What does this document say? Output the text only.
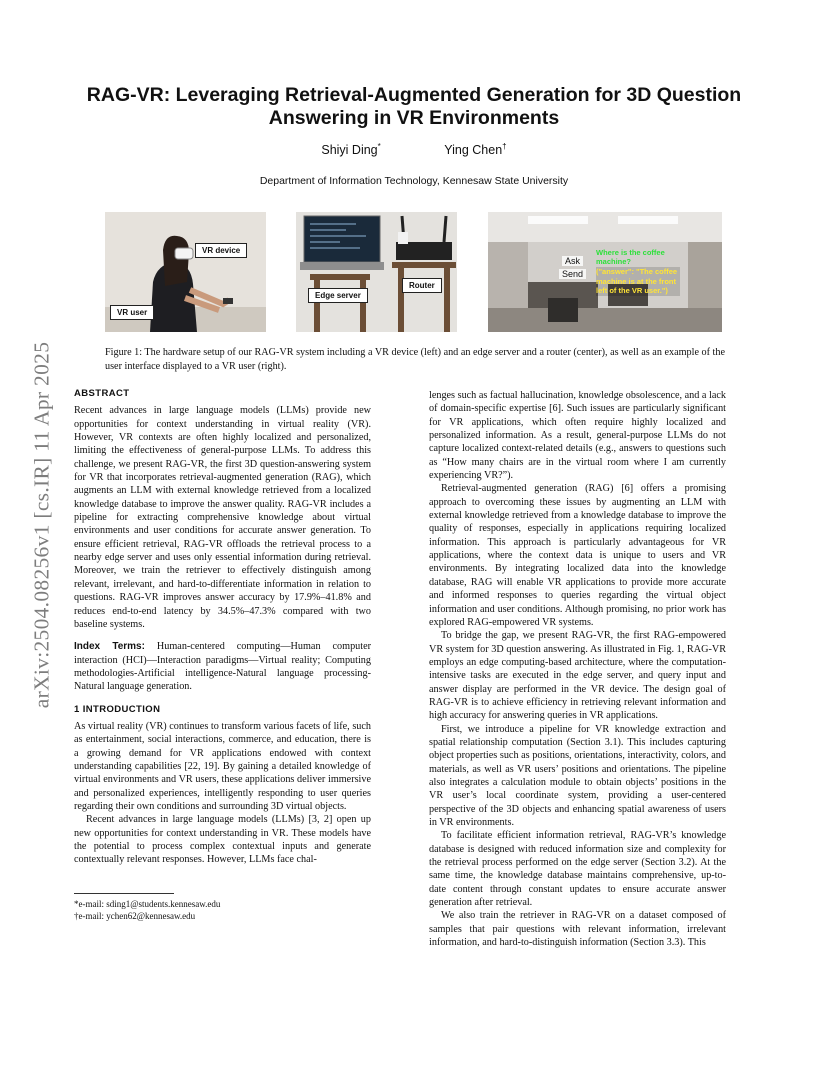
arXiv:2504.08256v1 [cs.IR] 11 Apr 2025
RAG-VR: Leveraging Retrieval-Augmented Generation for 3D Question Answering in VR Environments
Shiyi Ding*	Ying Chen†
Department of Information Technology, Kennesaw State University
VR device
VR user
Edge server
Router
Ask
Send
Where is the coffee machine?
("answer": "The coffee machine is at the front left of the VR user.")
Figure 1: The hardware setup of our RAG-VR system including a VR device (left) and an edge server and a router (center), as well as an example of the user interface displayed to a VR user (right).

ABSTRACT

Recent advances in large language models (LLMs) provide new opportunities for context understanding in virtual reality (VR). However, VR contexts are often highly localized and personalized, limiting the effectiveness of general-purpose LLMs. To address this challenge, we present RAG-VR, the first 3D question-answering system for VR that incorporates retrieval-augmented generation (RAG), which augments an LLM with external knowledge retrieved from a localized knowledge database to improve the answer quality. RAG-VR includes a pipeline for extracting comprehensive knowledge about virtual environments and user conditions for accurate answer generation. To ensure efficient retrieval, RAG-VR offloads the retrieval process to a nearby edge server and uses only essential information during retrieval. Moreover, we train the retriever to effectively distinguish among relevant, irrelevant, and hard-to-differentiate information in relation to questions. RAG-VR improves answer accuracy by 17.9%–41.8% and reduces end-to-end latency by 34.5%–47.3% compared with two baseline systems.

Index Terms: Human-centered computing—Human computer interaction (HCI)—Interaction paradigms—Virtual reality; Computing methodologies-Artificial intelligence-Natural language processing-Natural language generation.

1 INTRODUCTION

As virtual reality (VR) continues to transform various facets of life, such as entertainment, social interactions, commerce, and education, there is a growing demand for VR applications endowed with context understanding capabilities [22, 19]. By gaining a detailed knowledge of virtual environments and VR users, these applications deliver immersive and personalized experiences, intelligently responding to user queries regarding their own conditions and surrounding 3D virtual objects.

Recent advances in large language models (LLMs) [3, 2] open up new opportunities for context understanding in VR. These models have the potential to process complex contextual inputs and generate contextually relevant responses. However, LLMs face chal-

*e-mail: sding1@students.kennesaw.edu
†e-mail: ychen62@kennesaw.edu

lenges such as factual hallucination, knowledge obsolescence, and a lack of domain-specific expertise [6]. Such issues are particularly significant for VR applications, which often require highly localized and personalized information. As a result, general-purpose LLMs do not capture localized context-related details (e.g., answers to questions such as “How many chairs are in the virtual room where I am currently experiencing VR?”).

Retrieval-augmented generation (RAG) [6] offers a promising approach to overcoming these issues by augmenting an LLM with external knowledge retrieved from a knowledge database to improve the quality of responses, especially in applications requiring localized information. This approach is particularly advantageous for VR applications, where the context data is unique to users and VR environments. By integrating localized data into the knowledge database, RAG will enable VR applications to provide more accurate and informed responses to queries regarding the virtual object information and user conditions. Although promising, no prior work has explored RAG-empowered VR systems.

To bridge the gap, we present RAG-VR, the first RAG-empowered VR system for 3D question answering. As illustrated in Fig. 1, RAG-VR employs an edge computing-based architecture, where the computation-intensive tasks are executed in the edge server, and query input and answer display are performed in the VR device. The design goal of RAG-VR is to achieve efficiency in retrieving relevant information and high accuracy for answering queries in VR applications.

First, we introduce a pipeline for VR knowledge extraction and spatial relationship computation (Section 3.1). This includes capturing object properties such as positions, orientations, interactivity, colors, and materials, as well as VR users’ positions and orientations. The pipeline also integrates a calculation module to obtain objects’ positions in the VR user’s local coordinate system, providing a user-centered perspective of the 3D objects and enhancing spatial awareness of users in VR environments.

To facilitate efficient information retrieval, RAG-VR’s knowledge database is designed with reduced information size and complexity for the retrieval process performed on the edge server (Section 3.2). At the same time, the knowledge database maintains comprehensive, up-to-date content through constant updates to ensure accurate answer generation after retrieval.

We also train the retriever in RAG-VR on a dataset composed of samples that pair questions with relevant information, irrelevant information, and hard-to-distinguish information (Section 3.3). This
